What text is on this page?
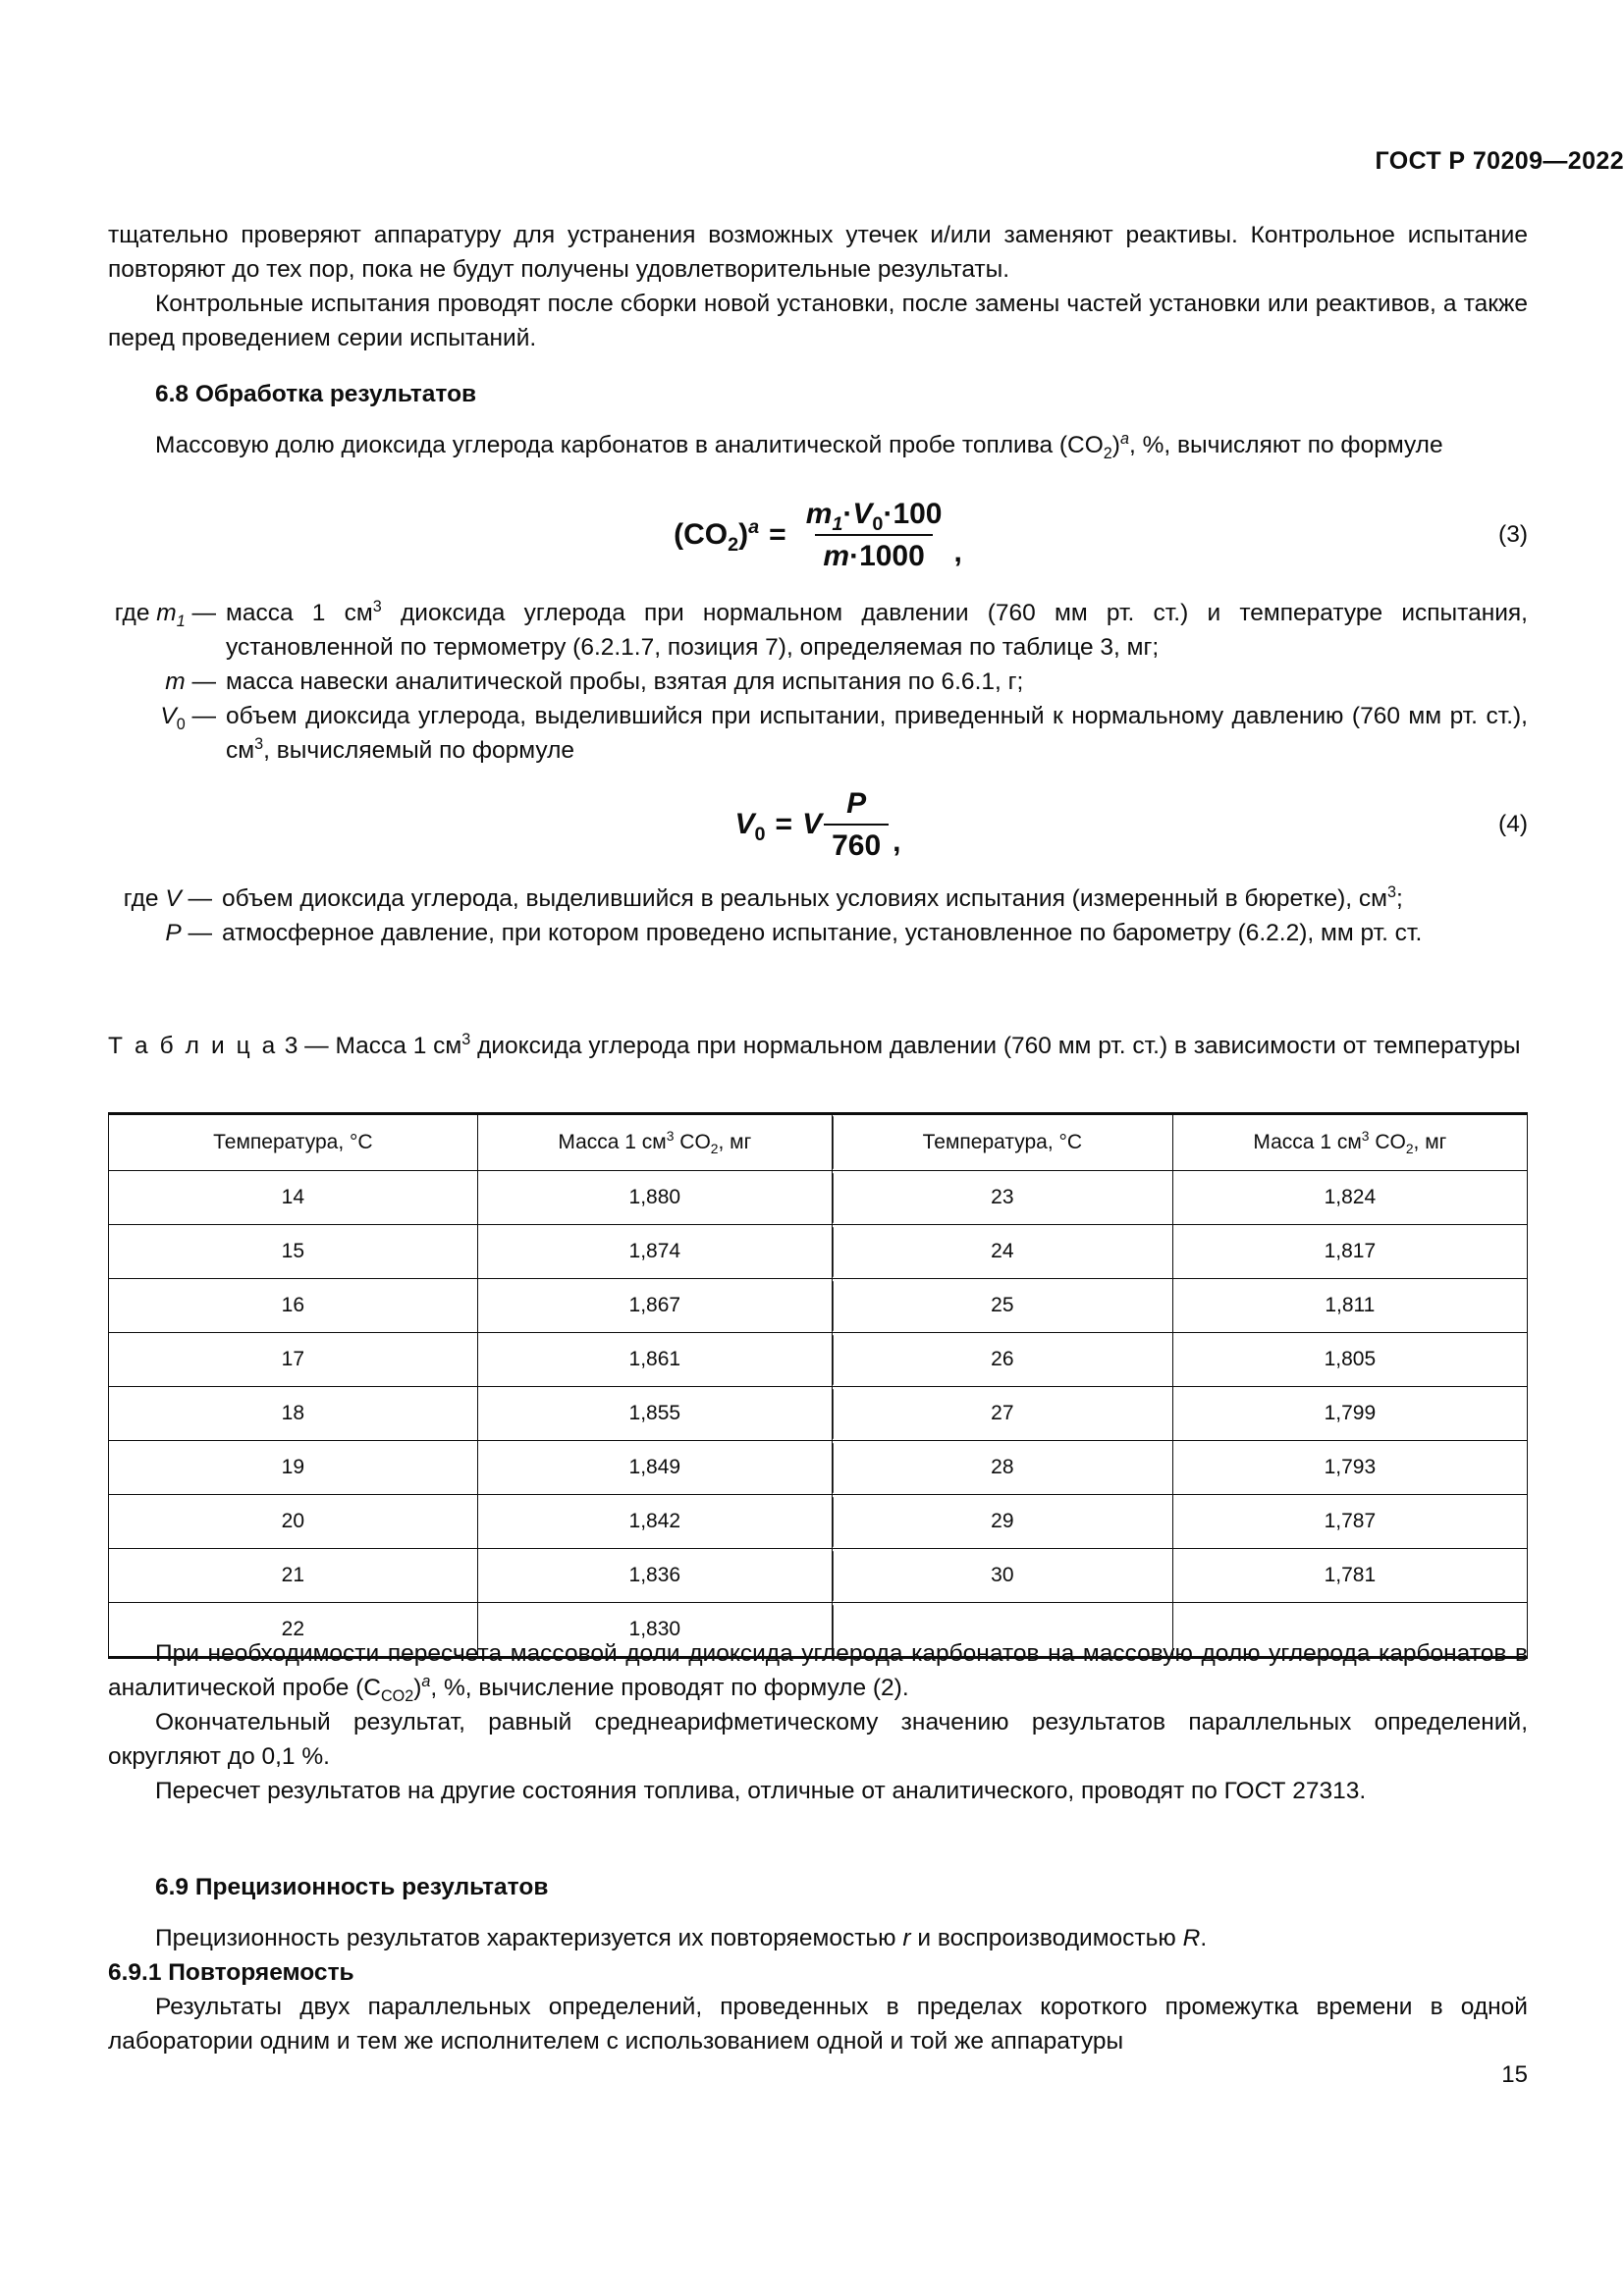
ГОСТ Р 70209—2022

тщательно проверяют аппаратуру для устранения возможных утечек и/или заменяют реактивы. Контрольное испытание повторяют до тех пор, пока не будут получены удовлетворительные результаты.

Контрольные испытания проводят после сборки новой установки, после замены частей установки или реактивов, а также перед проведением серии испытаний.

6.8 Обработка результатов

Массовую долю диоксида углерода карбонатов в аналитической пробе топлива $(CO_2)^a$, %, вычисляют по формуле

$(CO_2)^a = \frac{m_1\cdot V_0\cdot 100}{m\cdot 1000}$ ,
(3)
где $m_1$ — масса 1 $см^3$ диоксида углерода при нормальном давлении (760 мм рт. ст.) и температуре испытания, установленной по термометру (6.2.1.7, позиция 7), определяемая по таблице 3, мг;
m — масса навески аналитической пробы, взятая для испытания по 6.6.1, г;
$V_0$ — объем диоксида углерода, выделившийся при испытании, приведенный к нормальному давлению (760 мм рт. ст.), $см^3$, вычисляемый по формуле
$V_0 = V \frac{P}{760}$ ,
(4)
где V — объем диоксида углерода, выделившийся в реальных условиях испытания (измеренный в бюретке), $см^3$;
P — атмосферное давление, при котором проведено испытание, установленное по барометру (6.2.2), мм рт. ст.
Т а б л и ц а 3 — Масса 1 $см^3$ диоксида углерода при нормальном давлении (760 мм рт. ст.) в зависимости от температуры
Температура, °C	Масса 1 $см^3$ $CO_2$, мг	Температура, °C	Масса 1 $см^3$ $CO_2$, мг
14	1,880	23	1,824
15	1,874	24	1,817
16	1,867	25	1,811
17	1,861	26	1,805
18	1,855	27	1,799
19	1,849	28	1,793
20	1,842	29	1,787
21	1,836	30	1,781
22	1,830		

При необходимости пересчета массовой доли диоксида углерода карбонатов на массовую долю углерода карбонатов в аналитической пробе $(C_{CO2})^a$, %, вычисление проводят по формуле (2).

Окончательный результат, равный среднеарифметическому значению результатов параллельных определений, округляют до 0,1 %.

Пересчет результатов на другие состояния топлива, отличные от аналитического, проводят по ГОСТ 27313.

6.9 Прецизионность результатов

Прецизионность результатов характеризуется их повторяемостью r и воспроизводимостью R.

6.9.1 Повторяемость

Результаты двух параллельных определений, проведенных в пределах короткого промежутка времени в одной лаборатории одним и тем же исполнителем с использованием одной и той же аппаратуры

15
